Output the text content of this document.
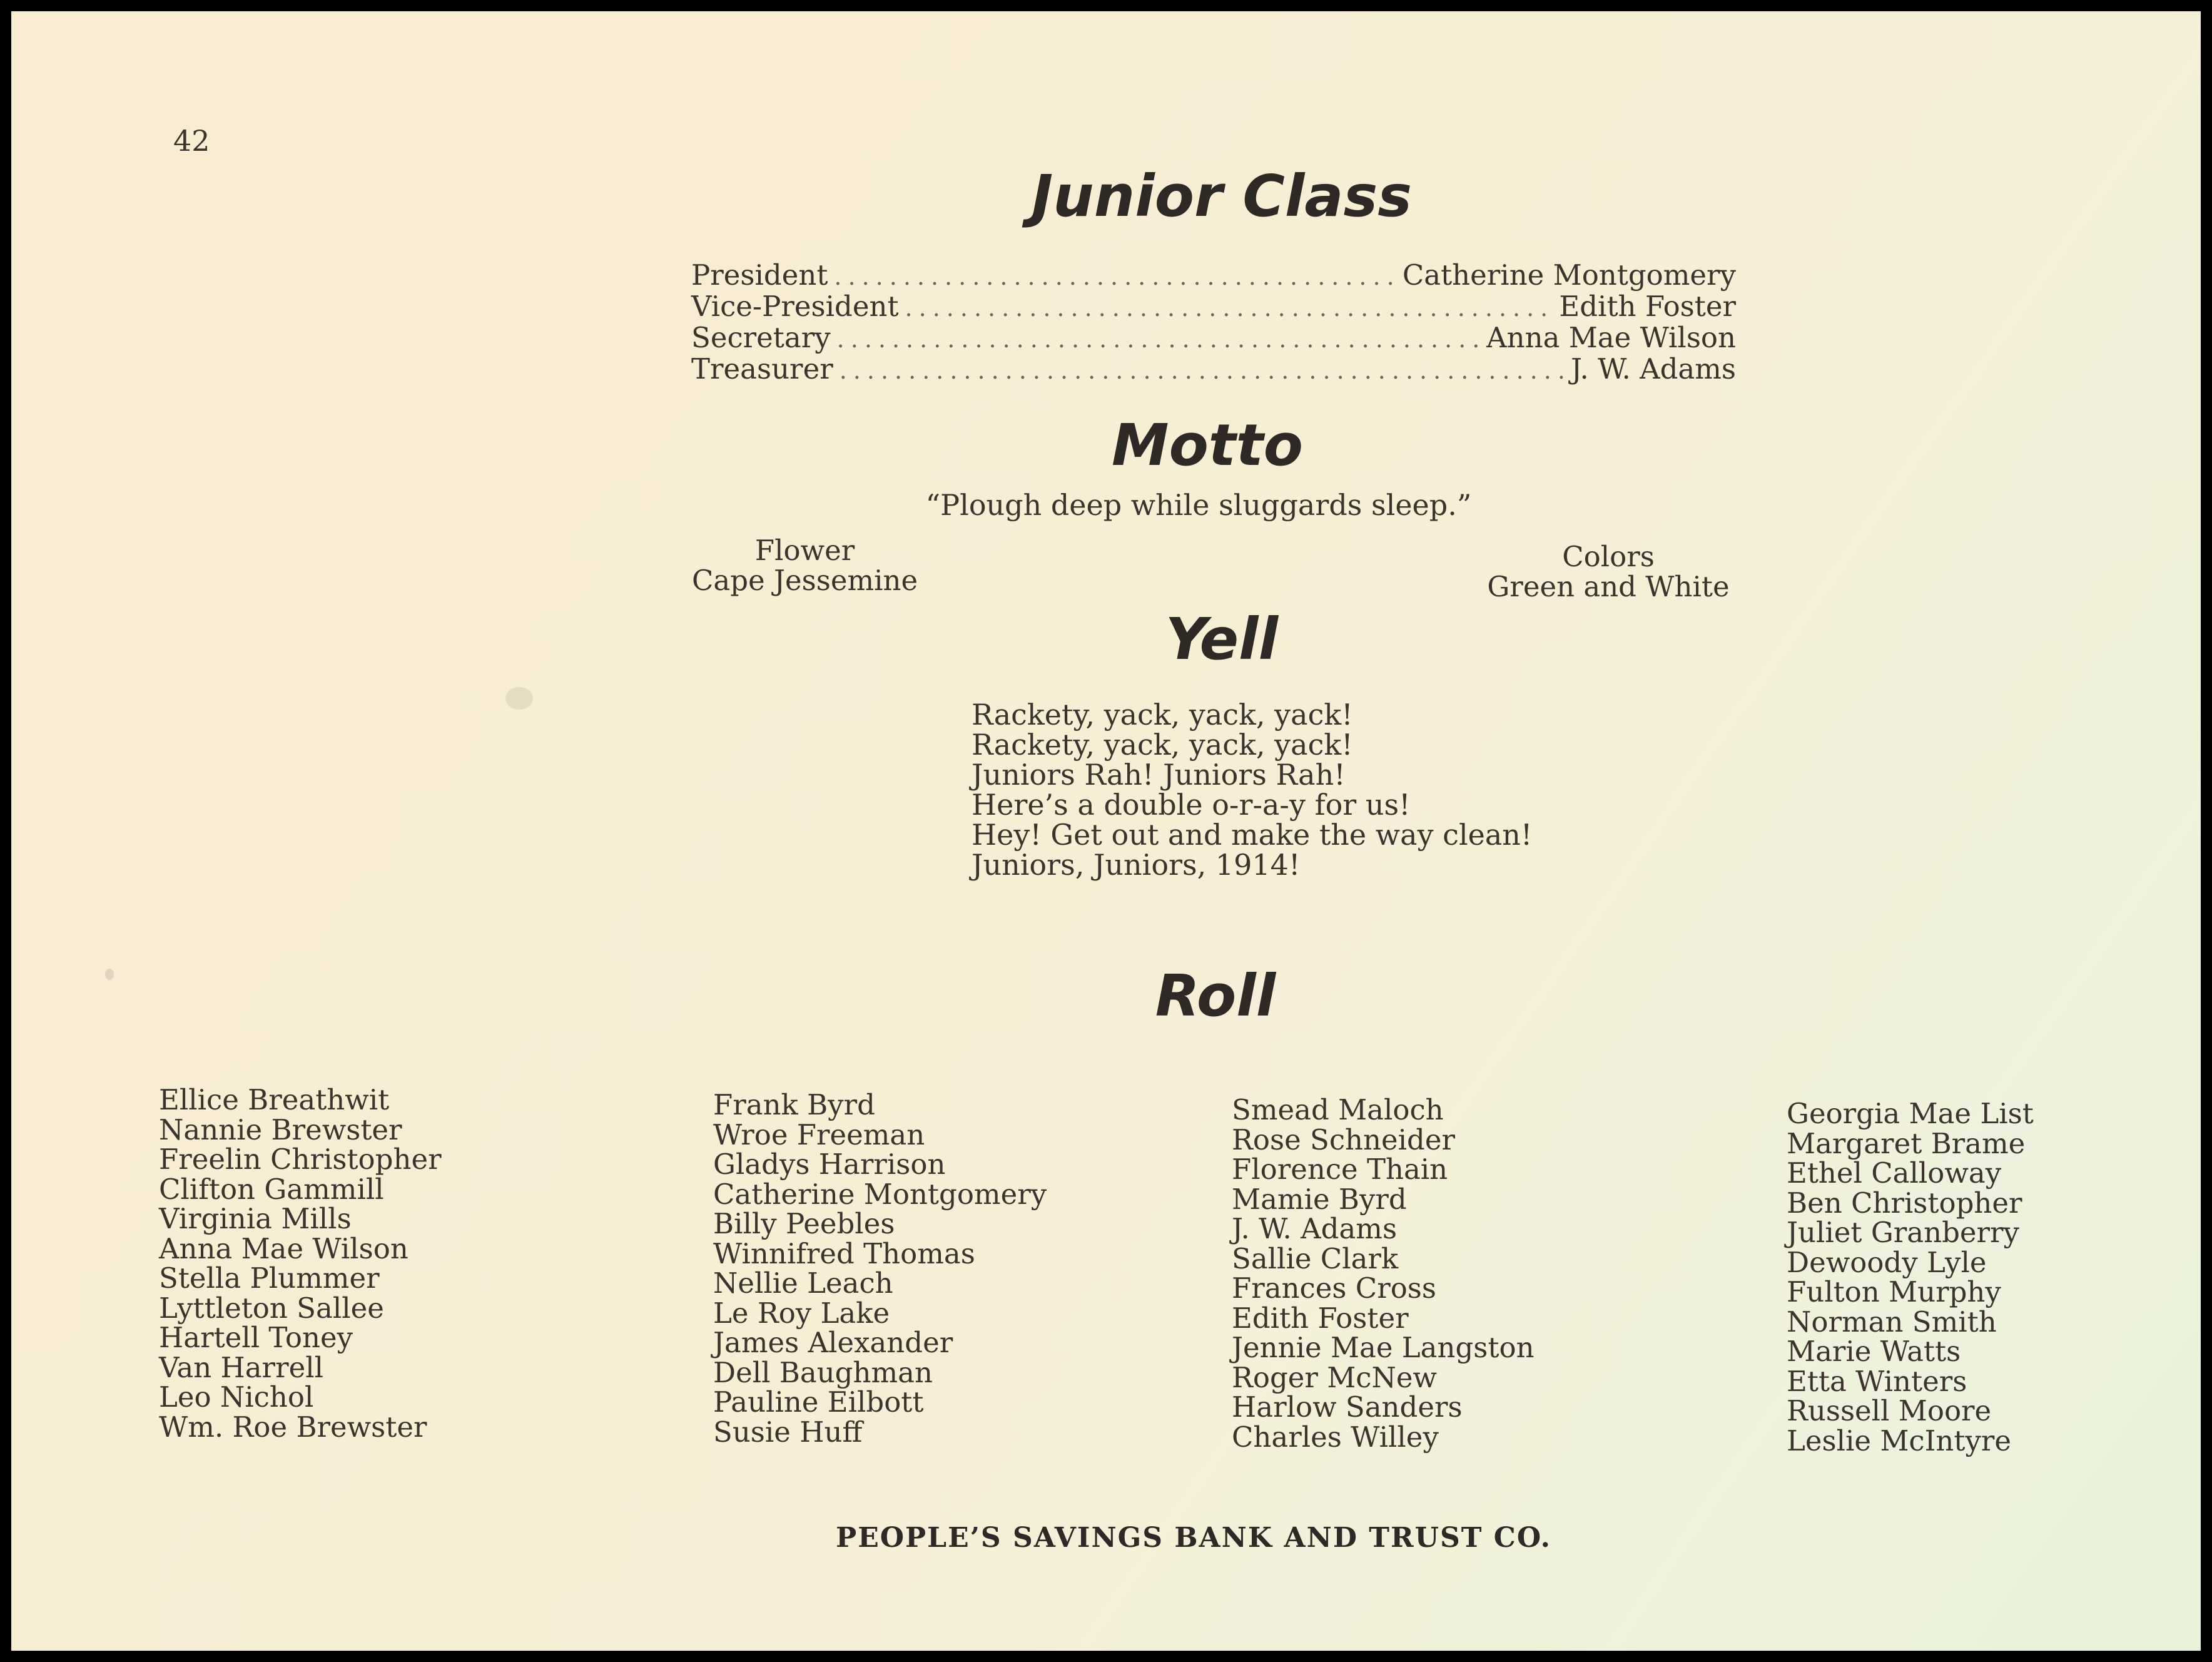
42
Junior Class
President .....	Catherine Montgomery
Vice-President .....	Edith Foster
Secretary .....	Anna Mae Wilson
Treasurer .....	J. W. Adams
Motto
“Plough deep while sluggards sleep.”
Flower
Cape Jessemine
Colors
Green and White
Yell
Rackety, yack, yack, yack!
Rackety, yack, yack, yack!
Juniors Rah! Juniors Rah!
Here’s a double o-r-a-y for us!
Hey! Get out and make the way clean!
Juniors, Juniors, 1914!
Roll
Ellice Breathwit
Nannie Brewster
Freelin Christopher
Clifton Gammill
Virginia Mills
Anna Mae Wilson
Stella Plummer
Lyttleton Sallee
Hartell Toney
Van Harrell
Leo Nichol
Wm. Roe Brewster
Frank Byrd
Wroe Freeman
Gladys Harrison
Catherine Montgomery
Billy Peebles
Winnifred Thomas
Nellie Leach
Le Roy Lake
James Alexander
Dell Baughman
Pauline Eilbott
Susie Huff
Smead Maloch
Rose Schneider
Florence Thain
Mamie Byrd
J. W. Adams
Sallie Clark
Frances Cross
Edith Foster
Jennie Mae Langston
Roger McNew
Harlow Sanders
Charles Willey
Georgia Mae List
Margaret Brame
Ethel Calloway
Ben Christopher
Juliet Granberry
Dewoody Lyle
Fulton Murphy
Norman Smith
Marie Watts
Etta Winters
Russell Moore
Leslie McIntyre
PEOPLE’S SAVINGS BANK AND TRUST CO.
